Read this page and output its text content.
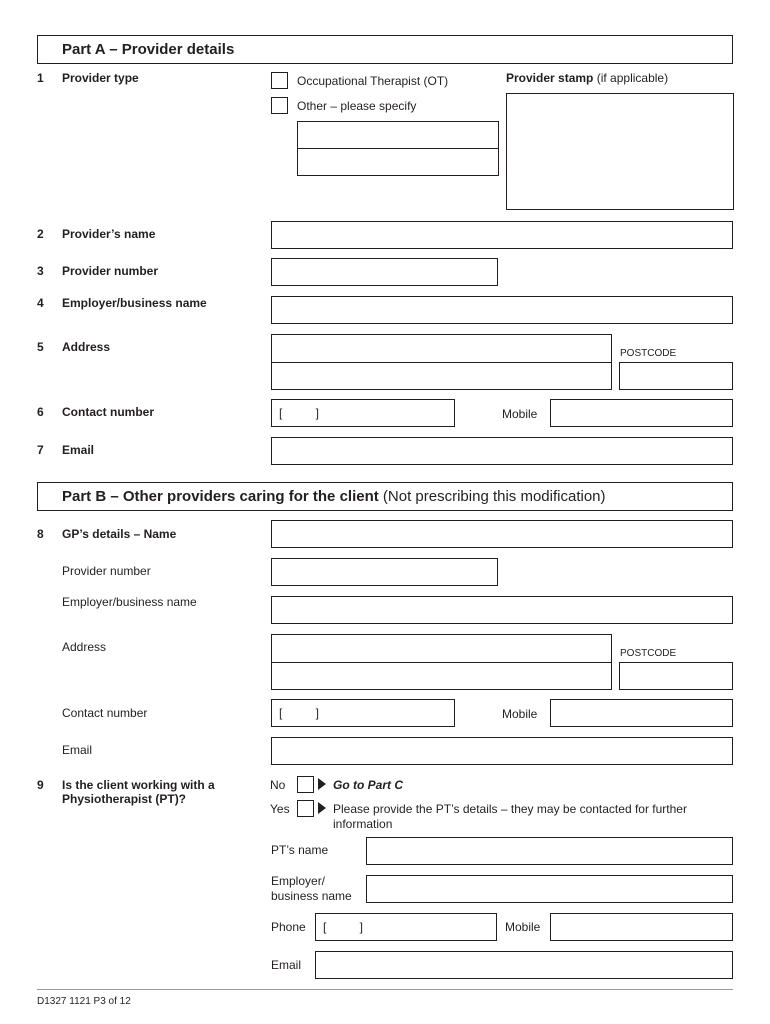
Part A – Provider details
1 Provider type	Occupational Therapist (OT)
Other – please specify
Provider stamp (if applicable)
2 Provider’s name
3 Provider number
4 Employer/business name
5 Address	POSTCODE
6 Contact number	[          ]	Mobile
7 Email
Part B – Other providers caring for the client (Not prescribing this modification)
8 GP’s details – Name
Provider number
Employer/business name
Address	POSTCODE
Contact number	[          ]	Mobile
Email
9 Is the client working with a
Physiotherapist (PT)?
No	Go to Part C
Yes	Please provide the PT’s details – they may be contacted for further
information
PT’s name
Employer/
business name
Phone [          ]	Mobile
Email
D1327 1121 P3 of 12
